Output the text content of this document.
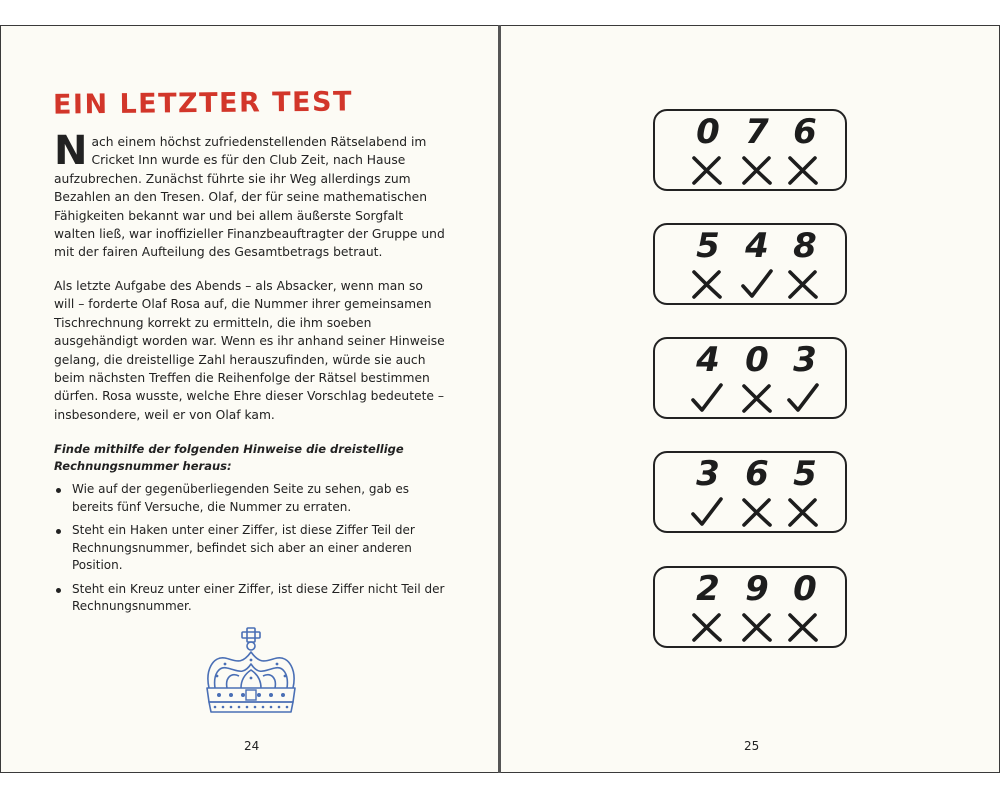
EIN LETZTER TEST
Nach einem höchst zufriedenstellenden Rätselabend im Cricket Inn wurde es für den Club Zeit, nach Hause aufzubrechen. Zunächst führte sie ihr Weg allerdings zum Bezahlen an den Tresen. Olaf, der für seine mathematischen Fähigkeiten bekannt war und bei allem äußerste Sorgfalt walten ließ, war inoffizieller Finanzbeauftragter der Gruppe und mit der fairen Aufteilung des Gesamtbetrags betraut.
Als letzte Aufgabe des Abends – als Absacker, wenn man so will – forderte Olaf Rosa auf, die Nummer ihrer gemeinsamen Tischrechnung korrekt zu ermitteln, die ihm soeben ausgehändigt worden war. Wenn es ihr anhand seiner Hinweise gelang, die dreistellige Zahl herauszufinden, würde sie auch beim nächsten Treffen die Reihenfolge der Rätsel bestimmen dürfen. Rosa wusste, welche Ehre dieser Vorschlag bedeutete – insbesondere, weil er von Olaf kam.
Finde mithilfe der folgenden Hinweise die dreistellige Rechnungsnummer heraus:
Wie auf der gegenüberliegenden Seite zu sehen, gab es bereits fünf Versuche, die Nummer zu erraten.
Steht ein Haken unter einer Ziffer, ist diese Ziffer Teil der Rechnungsnummer, befindet sich aber an einer anderen Position.
Steht ein Kreuz unter einer Ziffer, ist diese Ziffer nicht Teil der Rechnungsnummer.
24	25
0 7 6
5 4 8
4 0 3
3 6 5
2 9 0
